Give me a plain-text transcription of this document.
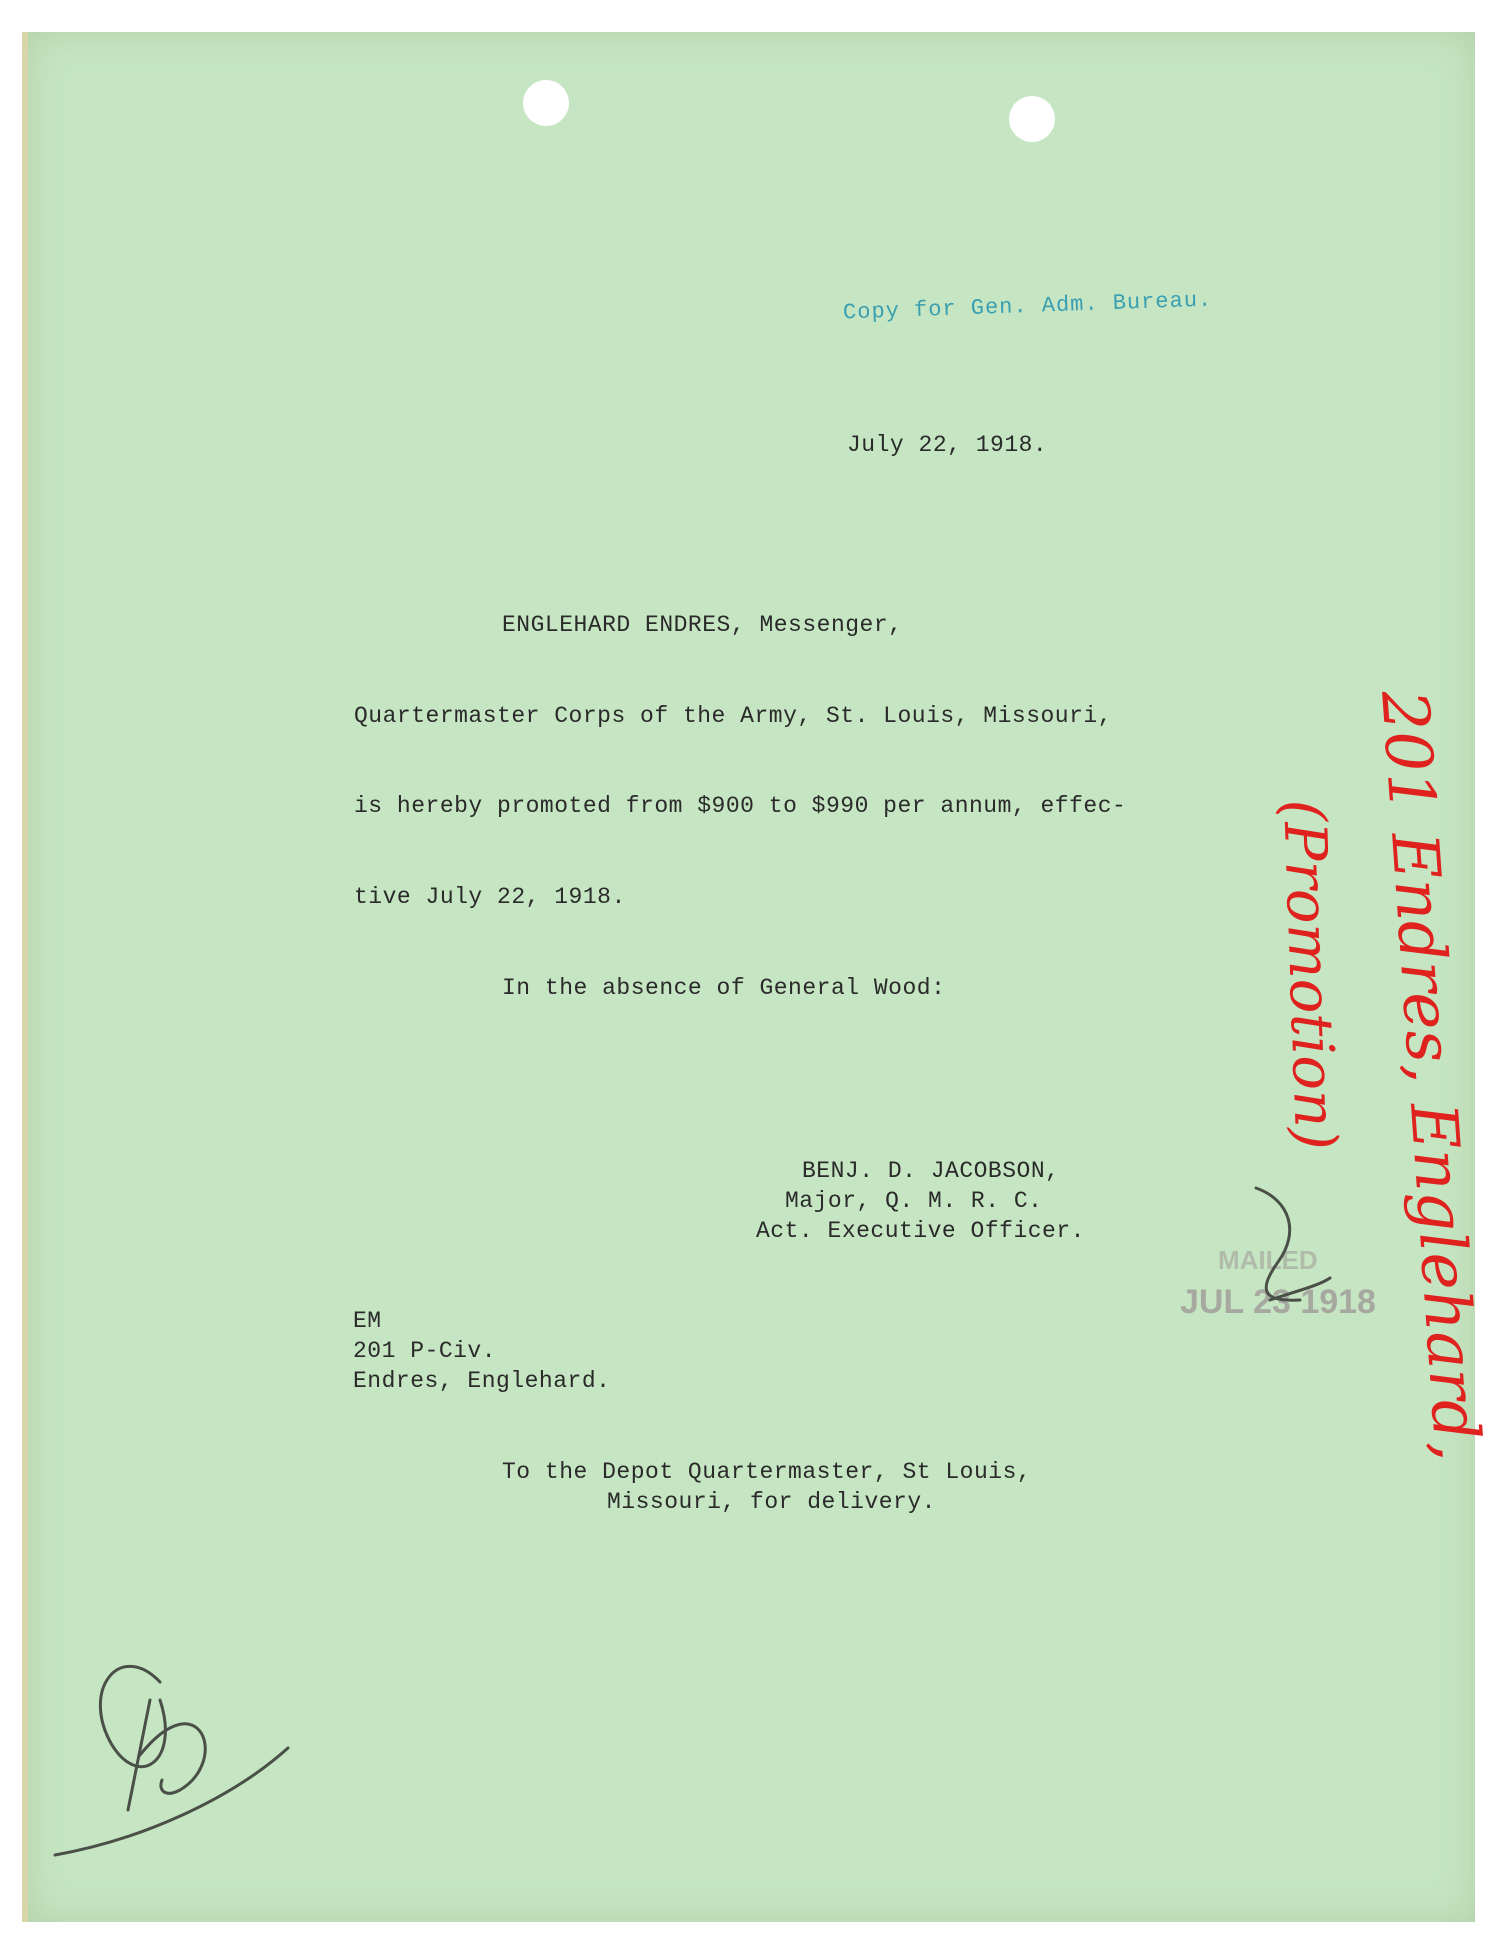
Copy for Gen. Adm. Bureau.
July 22, 1918.
ENGLEHARD ENDRES, Messenger,
Quartermaster Corps of the Army, St. Louis, Missouri,
is hereby promoted from $900 to $990 per annum, effec-
tive July 22, 1918.
In the absence of General Wood:
BENJ. D. JACOBSON,
Major, Q. M. R. C.
Act. Executive Officer.
EM
201 P-Civ.
Endres, Englehard.
To the Depot Quartermaster, St Louis,
Missouri, for delivery.
MAILED
JUL 23 1918
201 Endres, Englehard,
(Promotion)
